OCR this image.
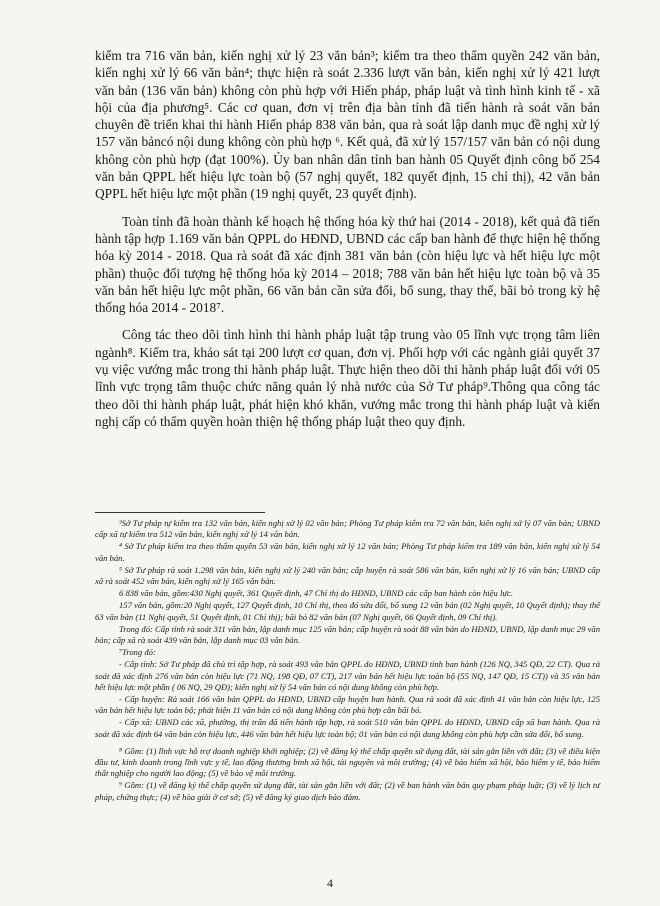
kiểm tra 716 văn bản, kiến nghị xử lý 23 văn bản³; kiểm tra theo thẩm quyền 242 văn bản, kiến nghị xử lý 66 văn bản⁴; thực hiện rà soát 2.336 lượt văn bản, kiến nghị xử lý 421 lượt văn bản (136 văn bản) không còn phù hợp với Hiến pháp, pháp luật và tình hình kinh tế - xã hội của địa phương⁵. Các cơ quan, đơn vị trên địa bàn tỉnh đã tiến hành rà soát văn bản chuyên đề triển khai thi hành Hiến pháp 838 văn bản, qua rà soát lập danh mục đề nghị xử lý 157 văn bảncó nội dung không còn phù hợp ⁶. Kết quả, đã xử lý 157/157 văn bản có nội dung không còn phù hợp (đạt 100%). Ủy ban nhân dân tỉnh ban hành 05 Quyết định công bố 254 văn bản QPPL hết hiệu lực toàn bộ (57 nghị quyết, 182 quyết định, 15 chỉ thị), 42 văn bản QPPL hết hiệu lực một phần (19 nghị quyết, 23 quyết định).

Toàn tỉnh đã hoàn thành kế hoạch hệ thống hóa kỳ thứ hai (2014 - 2018), kết quả đã tiến hành tập hợp 1.169 văn bản QPPL do HĐND, UBND các cấp ban hành để thực hiện hệ thống hóa kỳ 2014 - 2018. Qua rà soát đã xác định 381 văn bản (còn hiệu lực và hết hiệu lực một phần) thuộc đối tượng hệ thống hóa kỳ 2014 – 2018; 788 văn bản hết hiệu lực toàn bộ và 35 văn bản hết hiệu lực một phần, 66 văn bản cần sửa đổi, bổ sung, thay thế, bãi bỏ trong kỳ hệ thống hóa 2014 - 2018⁷.

Công tác theo dõi tình hình thi hành pháp luật tập trung vào 05 lĩnh vực trọng tâm liên ngành⁸. Kiểm tra, khảo sát tại 200 lượt cơ quan, đơn vị. Phối hợp với các ngành giải quyết 37 vụ việc vướng mắc trong thi hành pháp luật. Thực hiện theo dõi thi hành pháp luật đối với 05 lĩnh vực trọng tâm thuộc chức năng quản lý nhà nước của Sở Tư pháp⁹.Thông qua công tác theo dõi thi hành pháp luật, phát hiện khó khăn, vướng mắc trong thi hành pháp luật và kiến nghị cấp có thẩm quyền hoàn thiện hệ thống pháp luật theo quy định.

³Sở Tư pháp tự kiểm tra 132 văn bản, kiến nghị xử lý 02 văn bản; Phòng Tư pháp kiểm tra 72 văn bản, kiến nghị xử lý 07 văn bản; UBND cấp xã tự kiểm tra 512 văn bản, kiến nghị xử lý 14 văn bản.

⁴ Sở Tư pháp kiểm tra theo thẩm quyền 53 văn bản, kiến nghị xử lý 12 văn bản; Phòng Tư pháp kiểm tra 189 văn bản, kiến nghị xử lý 54 văn bản.

⁵ Sở Tư pháp rà soát 1.298 văn bản, kiến nghị xử lý 240 văn bản; cấp huyện rà soát 586 văn bản, kiến nghị xử lý 16 văn bản; UBND cấp xã rà soát 452 văn bản, kiến nghị xử lý 165 văn bản.

6 838 văn bản, gồm:430 Nghị quyết, 361 Quyết định, 47 Chỉ thị do HĐND, UBND các cấp ban hành còn hiệu lực.

157 văn bản, gồm:20 Nghị quyết, 127 Quyết định, 10 Chỉ thị, theo đó sửa đổi, bổ sung 12 văn bản (02 Nghị quyết, 10 Quyết định); thay thế 63 văn bản (11 Nghị quyết, 51 Quyết định, 01 Chỉ thị); bãi bỏ 82 văn bản (07 Nghị quyết, 66 Quyết định, 09 Chỉ thị).

Trong đó: Cấp tỉnh rà soát 311 văn bản, lập danh mục 125 văn bản; cấp huyện rà soát 88 văn bản do HĐND, UBND, lập danh mục 29 văn bản; cấp xã rà soát 439 văn bản, lập danh mục 03 văn bản.

⁷Trong đó:

- Cấp tỉnh: Sở Tư pháp đã chủ trì tập hợp, rà soát 493 văn bản QPPL do HĐND, UBND tỉnh ban hành (126 NQ, 345 QĐ, 22 CT). Qua rà soát đã xác định 276 văn bản còn hiệu lực (71 NQ, 198 QĐ, 07 CT), 217 văn bản hết hiệu lực toàn bộ (55 NQ, 147 QĐ, 15 CT)) và 35 văn bản hết hiệu lực một phần ( 06 NQ, 29 QĐ); kiến nghị xử lý 54 văn bản có nội dung không còn phù hợp.

- Cấp huyện: Rà soát 166 văn bản QPPL do HĐND, UBND cấp huyện ban hành. Qua rà soát đã xác định 41 văn bản còn hiệu lực, 125 văn bản hết hiệu lực toàn bộ; phát hiện 11 văn bản có nội dung không còn phù hợp cần bãi bỏ.

- Cấp xã: UBND các xã, phường, thị trấn đã tiến hành tập hợp, rà soát 510 văn bản QPPL do HĐND, UBND cấp xã ban hành. Qua rà soát đã xác định 64 văn bản còn hiệu lực, 446 văn bản hết hiệu lực toàn bộ; 01 văn bản có nội dung không còn phù hợp cần sửa đổi, bổ sung.

⁸ Gồm: (1) lĩnh vực hỗ trợ doanh nghiệp khởi nghiệp; (2) về đăng ký thế chấp quyền sử dụng đất, tài sản gắn liền với đất; (3) về điều kiện đầu tư, kinh doanh trong lĩnh vực y tế, lao động thương binh xã hội, tài nguyên và môi trường; (4) về bảo hiểm xã hội, bảo hiểm y tế, bảo hiểm thất nghiệp cho người lao động; (5) về bảo vệ môi trường.

⁹ Gồm: (1) về đăng ký thế chấp quyền sử dụng đất, tài sản gắn liền với đất; (2) về ban hành văn bản quy phạm pháp luật; (3) về lý lịch tư pháp, chứng thực; (4) về hòa giải ở cơ sở; (5) về đăng ký giao dịch bảo đảm.

4
